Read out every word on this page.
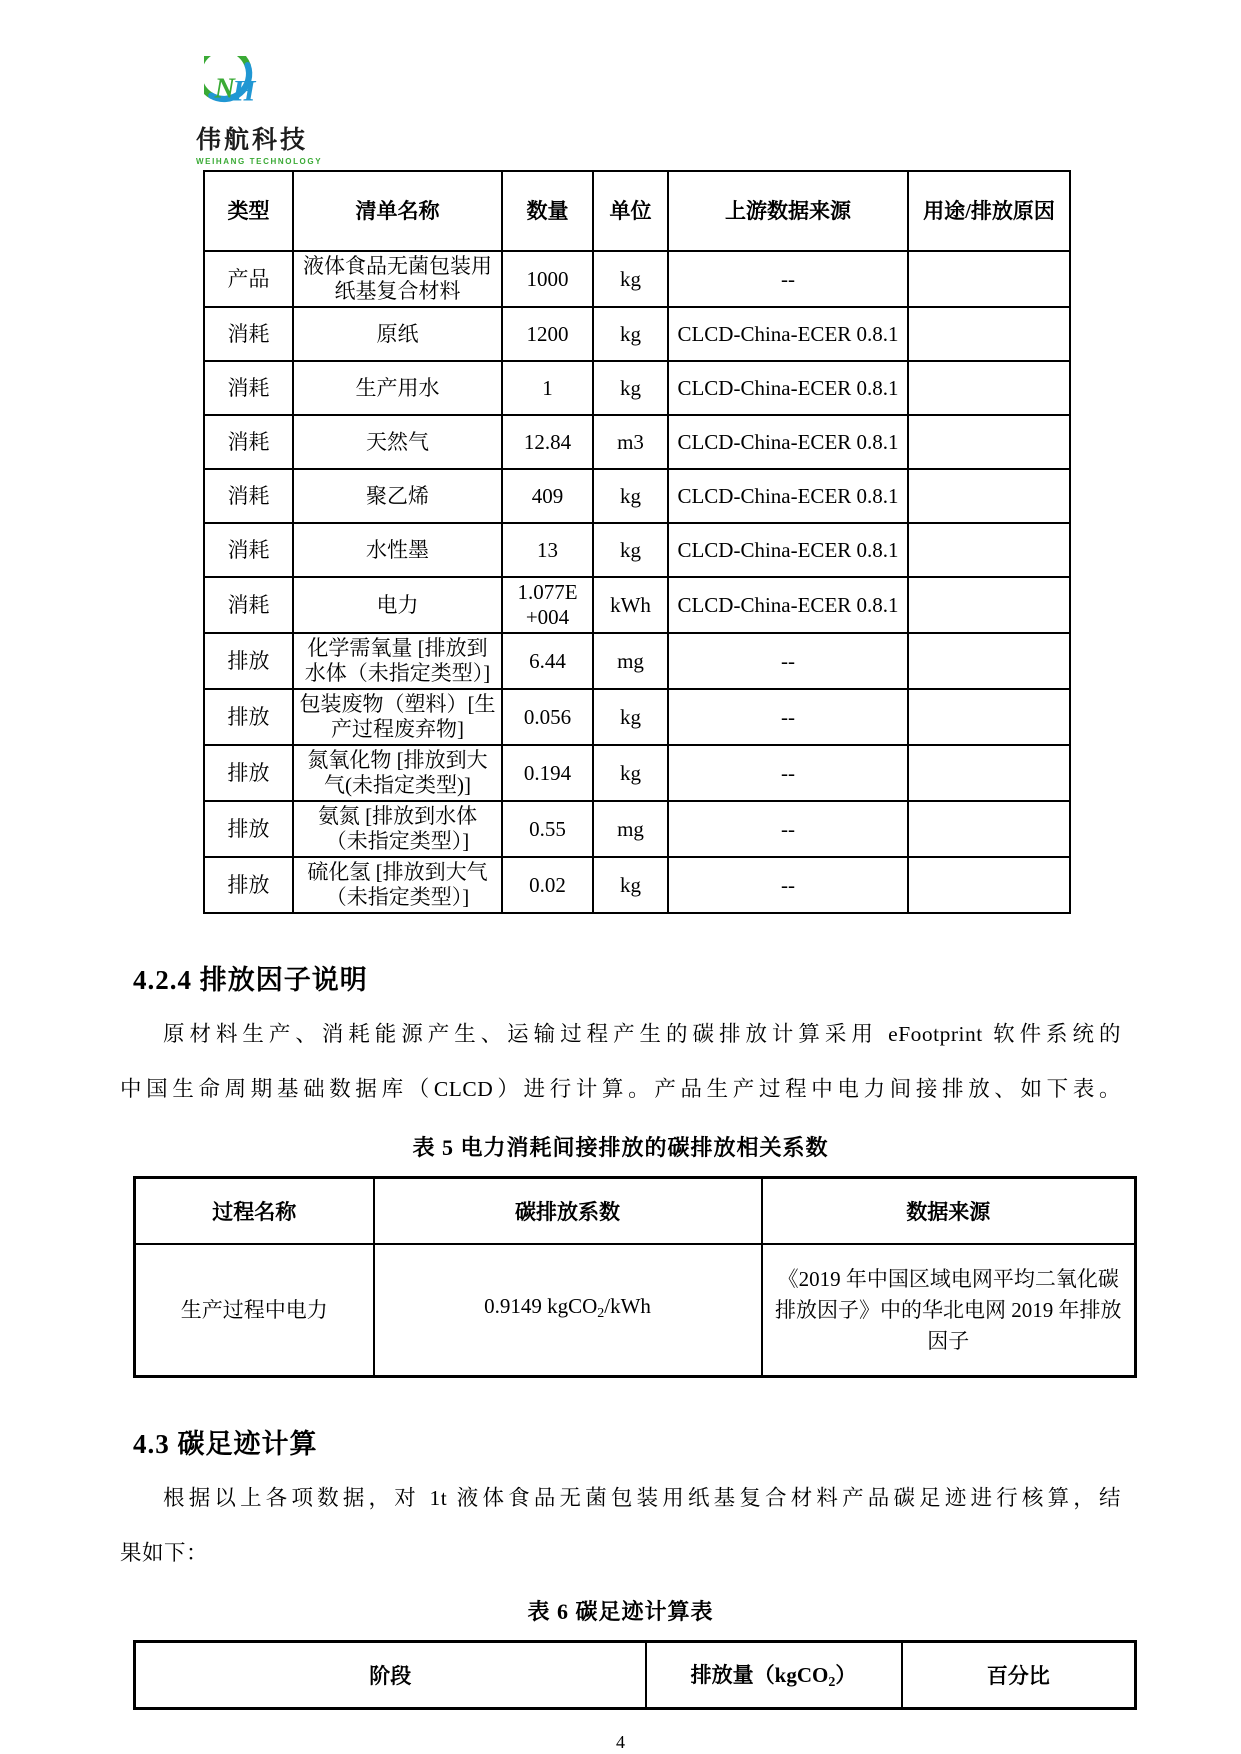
N
H
伟航科技
WEIHANG TECHNOLOGY
类型	清单名称	数量	单位	上游数据来源	用途/排放原因
产品	液体食品无菌包装用纸基复合材料	1000	kg	--	
消耗	原纸	1200	kg	CLCD-China-ECER 0.8.1	
消耗	生产用水	1	kg	CLCD-China-ECER 0.8.1	
消耗	天然气	12.84	m3	CLCD-China-ECER 0.8.1	
消耗	聚乙烯	409	kg	CLCD-China-ECER 0.8.1	
消耗	水性墨	13	kg	CLCD-China-ECER 0.8.1	
消耗	电力	1.077E +004	kWh	CLCD-China-ECER 0.8.1	
排放	化学需氧量 [排放到水体（未指定类型）]	6.44	mg	--	
排放	包装废物（塑料）[生产过程废弃物]	0.056	kg	--	
排放	氮氧化物 [排放到大气(未指定类型)]	0.194	kg	--	
排放	氨氮 [排放到水体（未指定类型）]	0.55	mg	--	
排放	硫化氢 [排放到大气（未指定类型）]	0.02	kg	--	
4.2.4 排放因子说明
原材料生产、消耗能源产生、运输过程产生的碳排放计算采用 eFootprint 软件系统的
中国生命周期基础数据库（CLCD）进行计算。产品生产过程中电力间接排放、如下表。
表 5 电力消耗间接排放的碳排放相关系数
过程名称	碳排放系数	数据来源
生产过程中电力	0.9149 kgCO$_2$/kWh	《2019 年中国区域电网平均二氧化碳排放因子》中的华北电网 2019 年排放因子
4.3 碳足迹计算
根据以上各项数据，对 1t 液体食品无菌包装用纸基复合材料产品碳足迹进行核算，结
果如下：
表 6 碳足迹计算表
阶段	排放量（kgCO$_2$）	百分比
4
